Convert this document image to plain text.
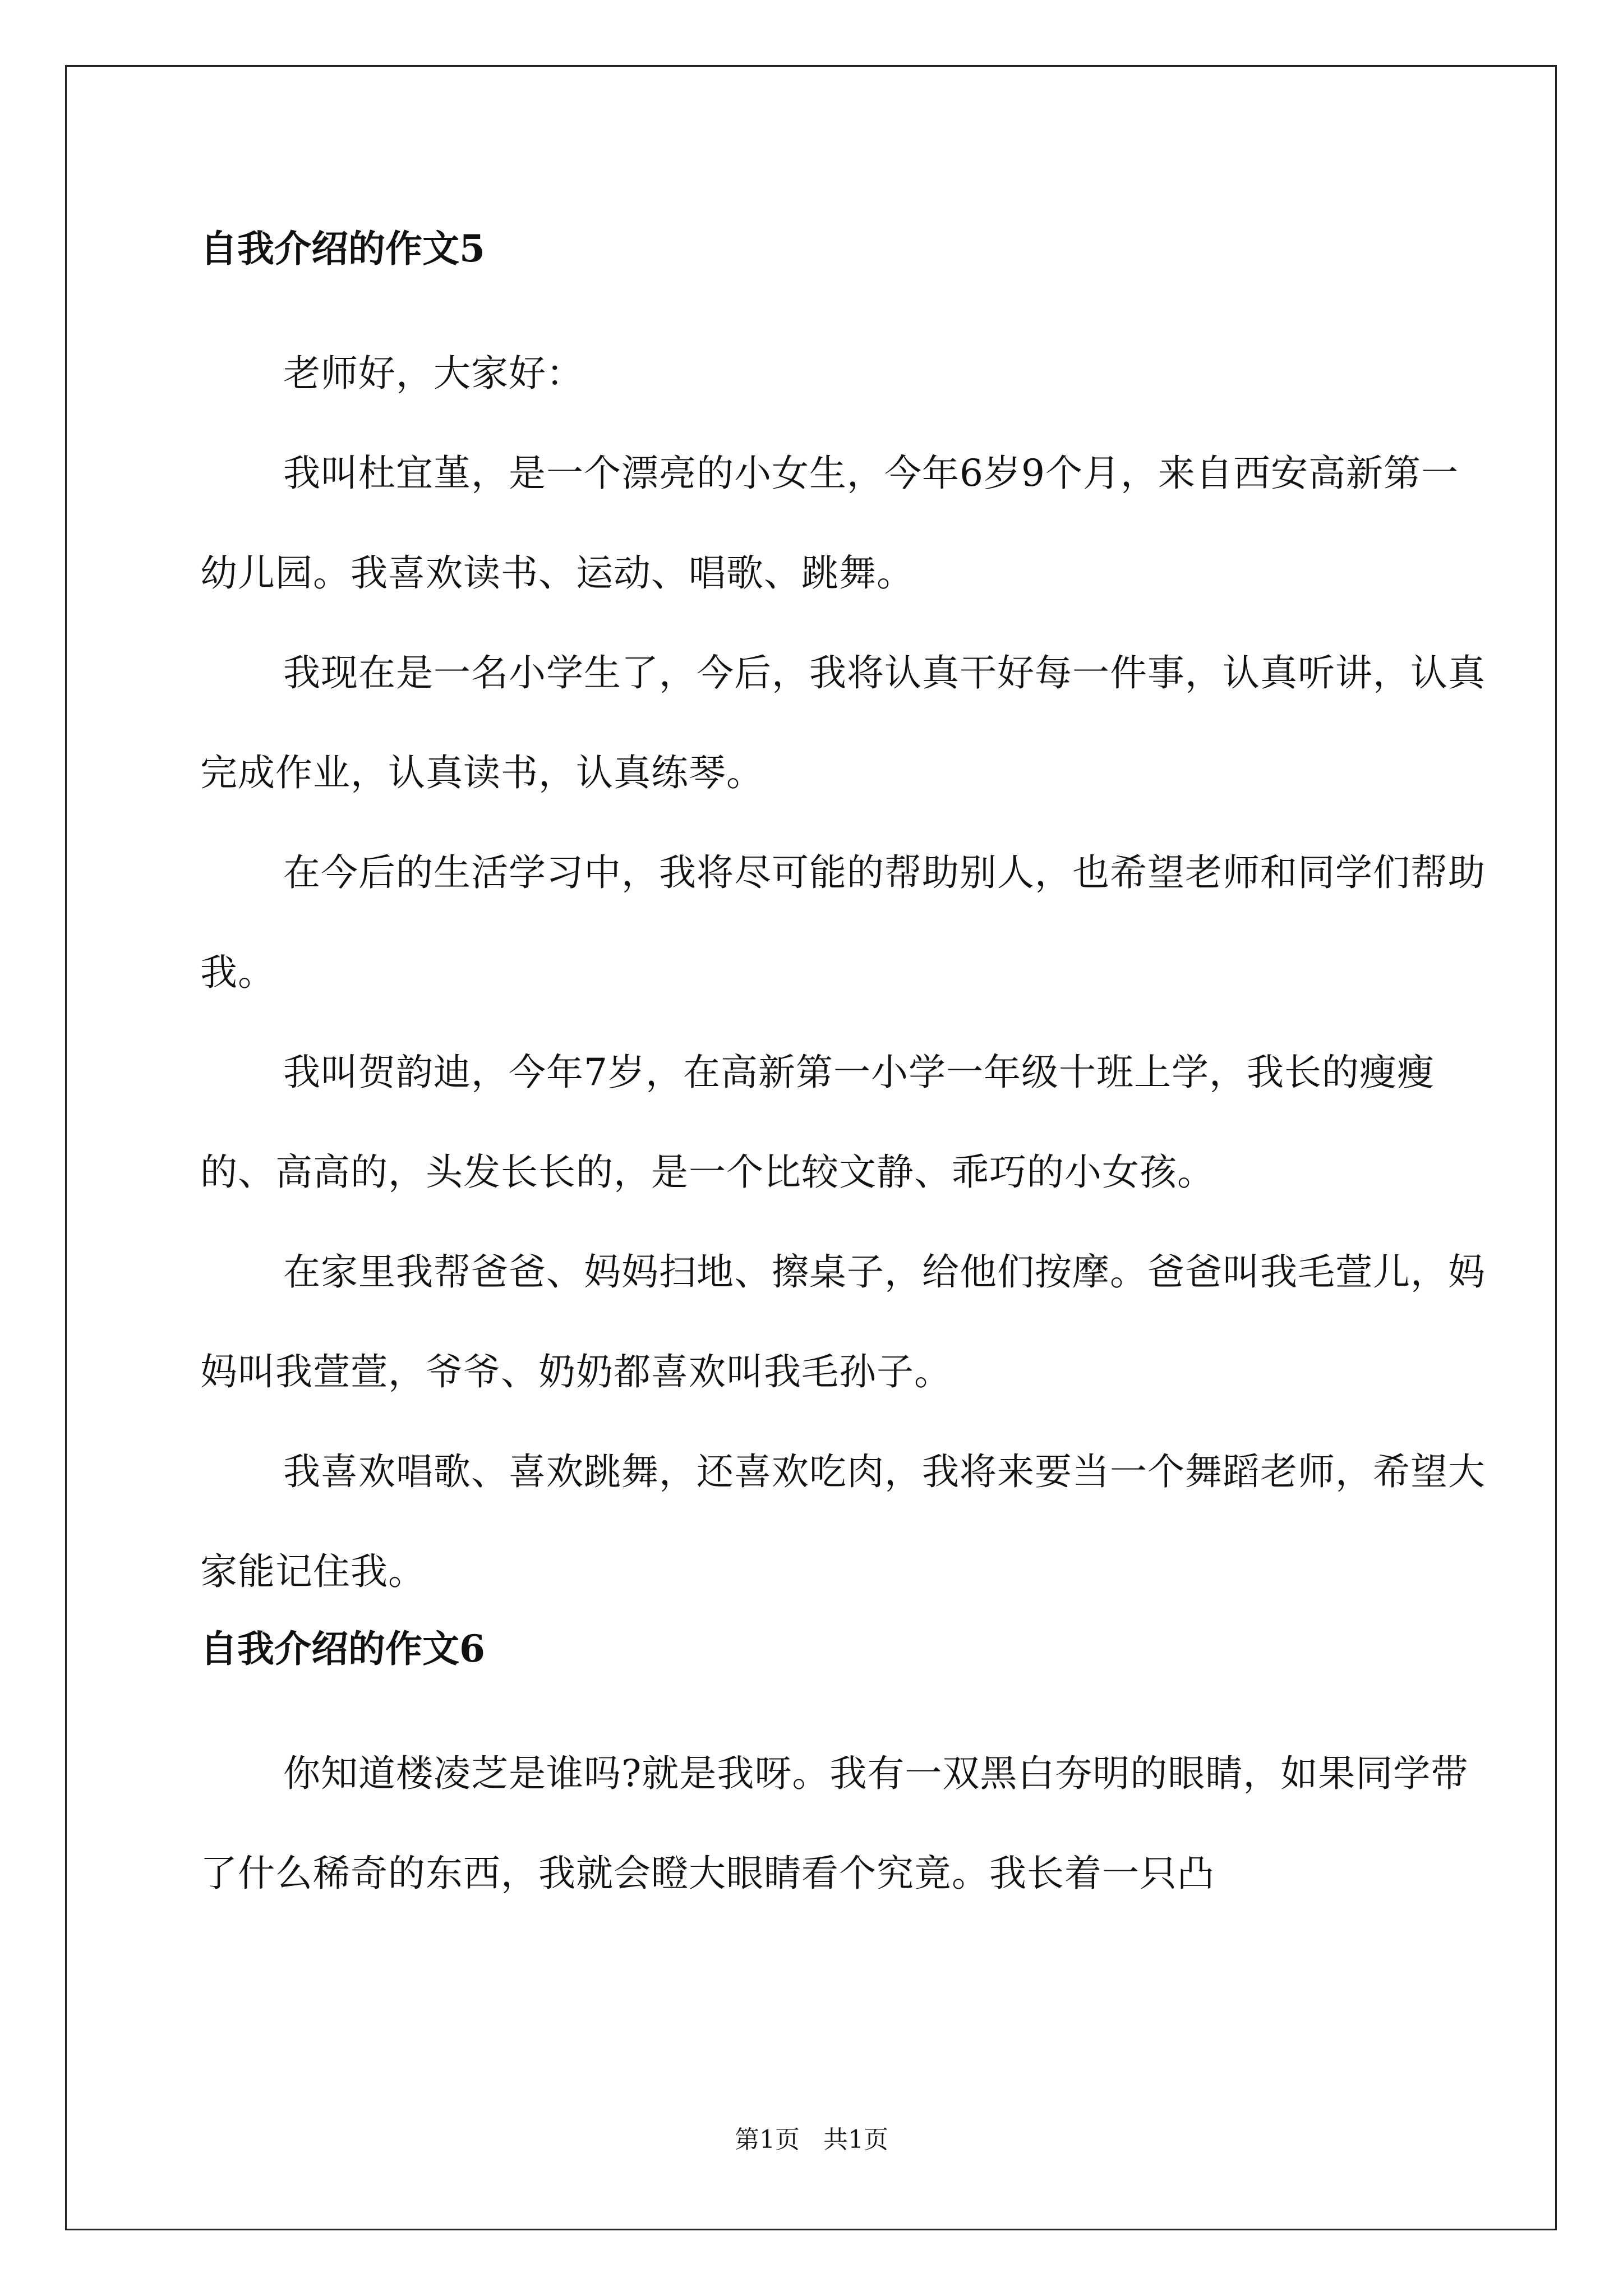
自我介绍的作文5

老师好，大家好：

我叫杜宜堇，是一个漂亮的小女生，今年6岁9个月，来自西安高新第一幼儿园。我喜欢读书、运动、唱歌、跳舞。

我现在是一名小学生了，今后，我将认真干好每一件事，认真听讲，认真完成作业，认真读书，认真练琴。

在今后的生活学习中，我将尽可能的帮助别人，也希望老师和同学们帮助我。

我叫贺韵迪，今年7岁，在高新第一小学一年级十班上学，我长的瘦瘦的、高高的，头发长长的，是一个比较文静、乖巧的小女孩。

在家里我帮爸爸、妈妈扫地、擦桌子，给他们按摩。爸爸叫我毛萱儿，妈妈叫我萱萱，爷爷、奶奶都喜欢叫我毛孙子。

我喜欢唱歌、喜欢跳舞，还喜欢吃肉，我将来要当一个舞蹈老师，希望大家能记住我。

自我介绍的作文6

你知道楼凌芝是谁吗?就是我呀。我有一双黑白夯明的眼睛，如果同学带了什么稀奇的东西，我就会瞪大眼睛看个究竟。我长着一只凸

第1页   共1页
